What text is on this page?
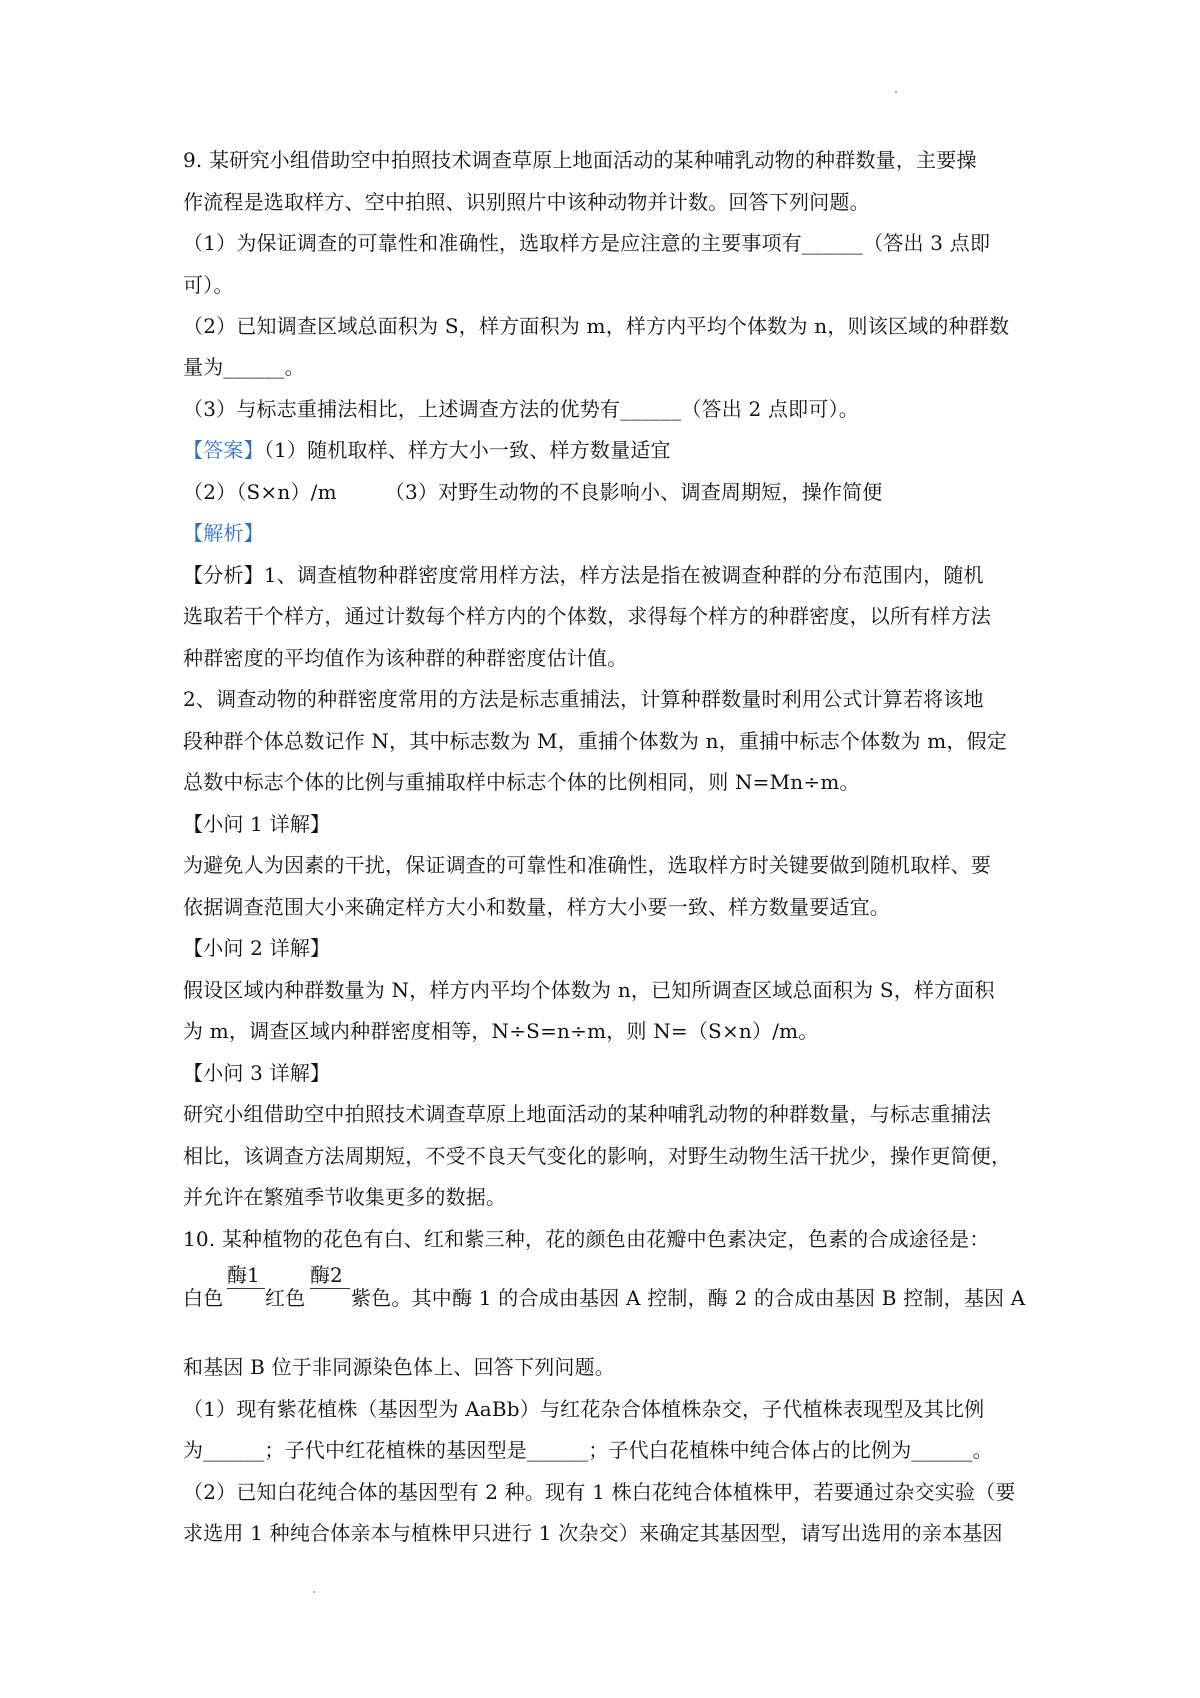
9. 某研究小组借助空中拍照技术调查草原上地面活动的某种哺乳动物的种群数量，主要操
作流程是选取样方、空中拍照、识别照片中该种动物并计数。回答下列问题。
（1）为保证调查的可靠性和准确性，选取样方是应注意的主要事项有______（答出 3 点即
可）。
（2）已知调查区域总面积为 S，样方面积为 m，样方内平均个体数为 n，则该区域的种群数
量为______。
（3）与标志重捕法相比，上述调查方法的优势有______（答出 2 点即可）。
【答案】（1）随机取样、样方大小一致、样方数量适宜
（2）（S×n）/m （3）对野生动物的不良影响小、调查周期短，操作简便
【解析】
【分析】1、调查植物种群密度常用样方法，样方法是指在被调查种群的分布范围内，随机
选取若干个样方，通过计数每个样方内的个体数，求得每个样方的种群密度，以所有样方法
种群密度的平均值作为该种群的种群密度估计值。
2、调查动物的种群密度常用的方法是标志重捕法，计算种群数量时利用公式计算若将该地
段种群个体总数记作 N，其中标志数为 M，重捕个体数为 n，重捕中标志个体数为 m，假定
总数中标志个体的比例与重捕取样中标志个体的比例相同，则 N=Mn÷m。
【小问 1 详解】
为避免人为因素的干扰，保证调查的可靠性和准确性，选取样方时关键要做到随机取样、要
依据调查范围大小来确定样方大小和数量，样方大小要一致、样方数量要适宜。
【小问 2 详解】
假设区域内种群数量为 N，样方内平均个体数为 n，已知所调查区域总面积为 S，样方面积
为 m，调查区域内种群密度相等，N÷S=n÷m，则 N=（S×n）/m。
【小问 3 详解】
研究小组借助空中拍照技术调查草原上地面活动的某种哺乳动物的种群数量，与标志重捕法
相比，该调查方法周期短，不受不良天气变化的影响，对野生动物生活干扰少，操作更简便，
并允许在繁殖季节收集更多的数据。
10. 某种植物的花色有白、红和紫三种，花的颜色由花瓣中色素决定，色素的合成途径是：
白色
酶1
红色
酶2
紫色。其中酶 1 的合成由基因 A 控制，酶 2 的合成由基因 B 控制，基因 A
和基因 B 位于非同源染色体上、回答下列问题。
（1）现有紫花植株（基因型为 AaBb）与红花杂合体植株杂交，子代植株表现型及其比例
为______；子代中红花植株的基因型是______；子代白花植株中纯合体占的比例为______。
（2）已知白花纯合体的基因型有 2 种。现有 1 株白花纯合体植株甲，若要通过杂交实验（要
求选用 1 种纯合体亲本与植株甲只进行 1 次杂交）来确定其基因型，请写出选用的亲本基因
